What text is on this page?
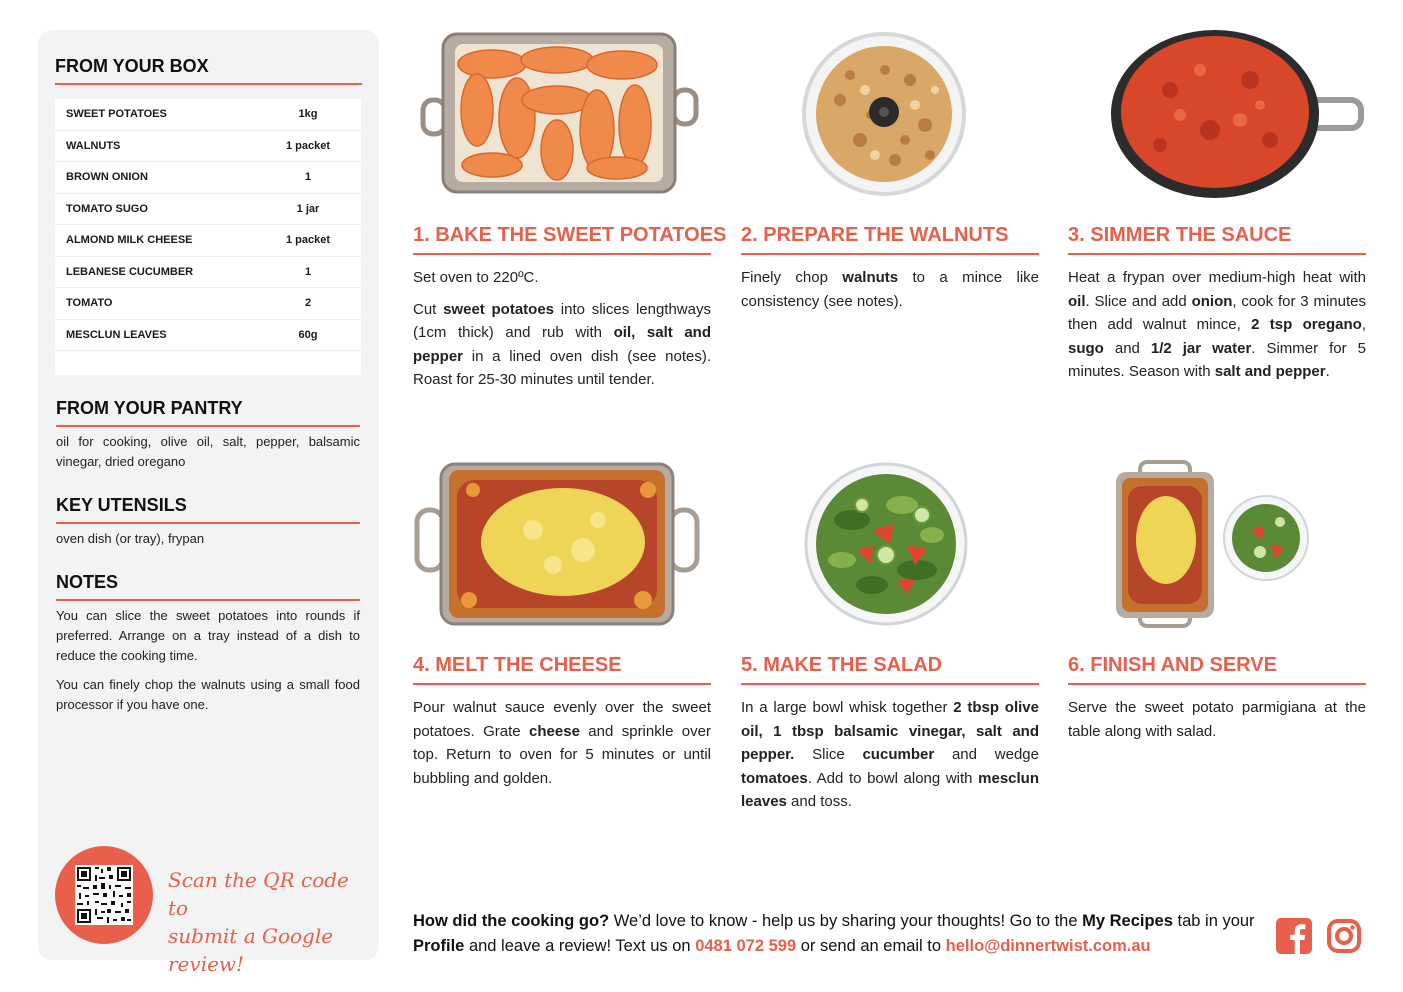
FROM YOUR BOX
SWEET POTATOES	1kg
WALNUTS	1 packet
BROWN ONION	1
TOMATO SUGO	1 jar
ALMOND MILK CHEESE	1 packet
LEBANESE CUCUMBER	1
TOMATO	2
MESCLUN LEAVES	60g
FROM YOUR PANTRY
oil for cooking, olive oil, salt, pepper, balsamic vinegar, dried oregano
KEY UTENSILS
oven dish (or tray), frypan
NOTES
You can slice the sweet potatoes into rounds if preferred. Arrange on a tray instead of a dish to reduce the cooking time.
You can finely chop the walnuts using a small food processor if you have one.
Scan the QR code to
submit a Google review!
1. BAKE THE SWEET POTATOES

Set oven to 220ºC.

Cut sweet potatoes into slices lengthways (1cm thick) and rub with oil, salt and pepper in a lined oven dish (see notes). Roast for 25-30 minutes until tender.

2. PREPARE THE WALNUTS

Finely chop walnuts to a mince like consistency (see notes).

3. SIMMER THE SAUCE

Heat a frypan over medium-high heat with oil. Slice and add onion, cook for 3 minutes then add walnut mince, 2 tsp oregano, sugo and 1/2 jar water. Simmer for 5 minutes. Season with salt and pepper.

4. MELT THE CHEESE

Pour walnut sauce evenly over the sweet potatoes. Grate cheese and sprinkle over top. Return to oven for 5 minutes or until bubbling and golden.

5. MAKE THE SALAD

In a large bowl whisk together 2 tbsp olive oil, 1 tbsp balsamic vinegar, salt and pepper. Slice cucumber and wedge tomatoes. Add to bowl along with mesclun leaves and toss.

6. FINISH AND SERVE

Serve the sweet potato parmigiana at the table along with salad.

How did the cooking go? We’d love to know - help us by sharing your thoughts! Go to the My Recipes tab in your Profile and leave a review! Text us on 0481 072 599 or send an email to hello@dinnertwist.com.au
